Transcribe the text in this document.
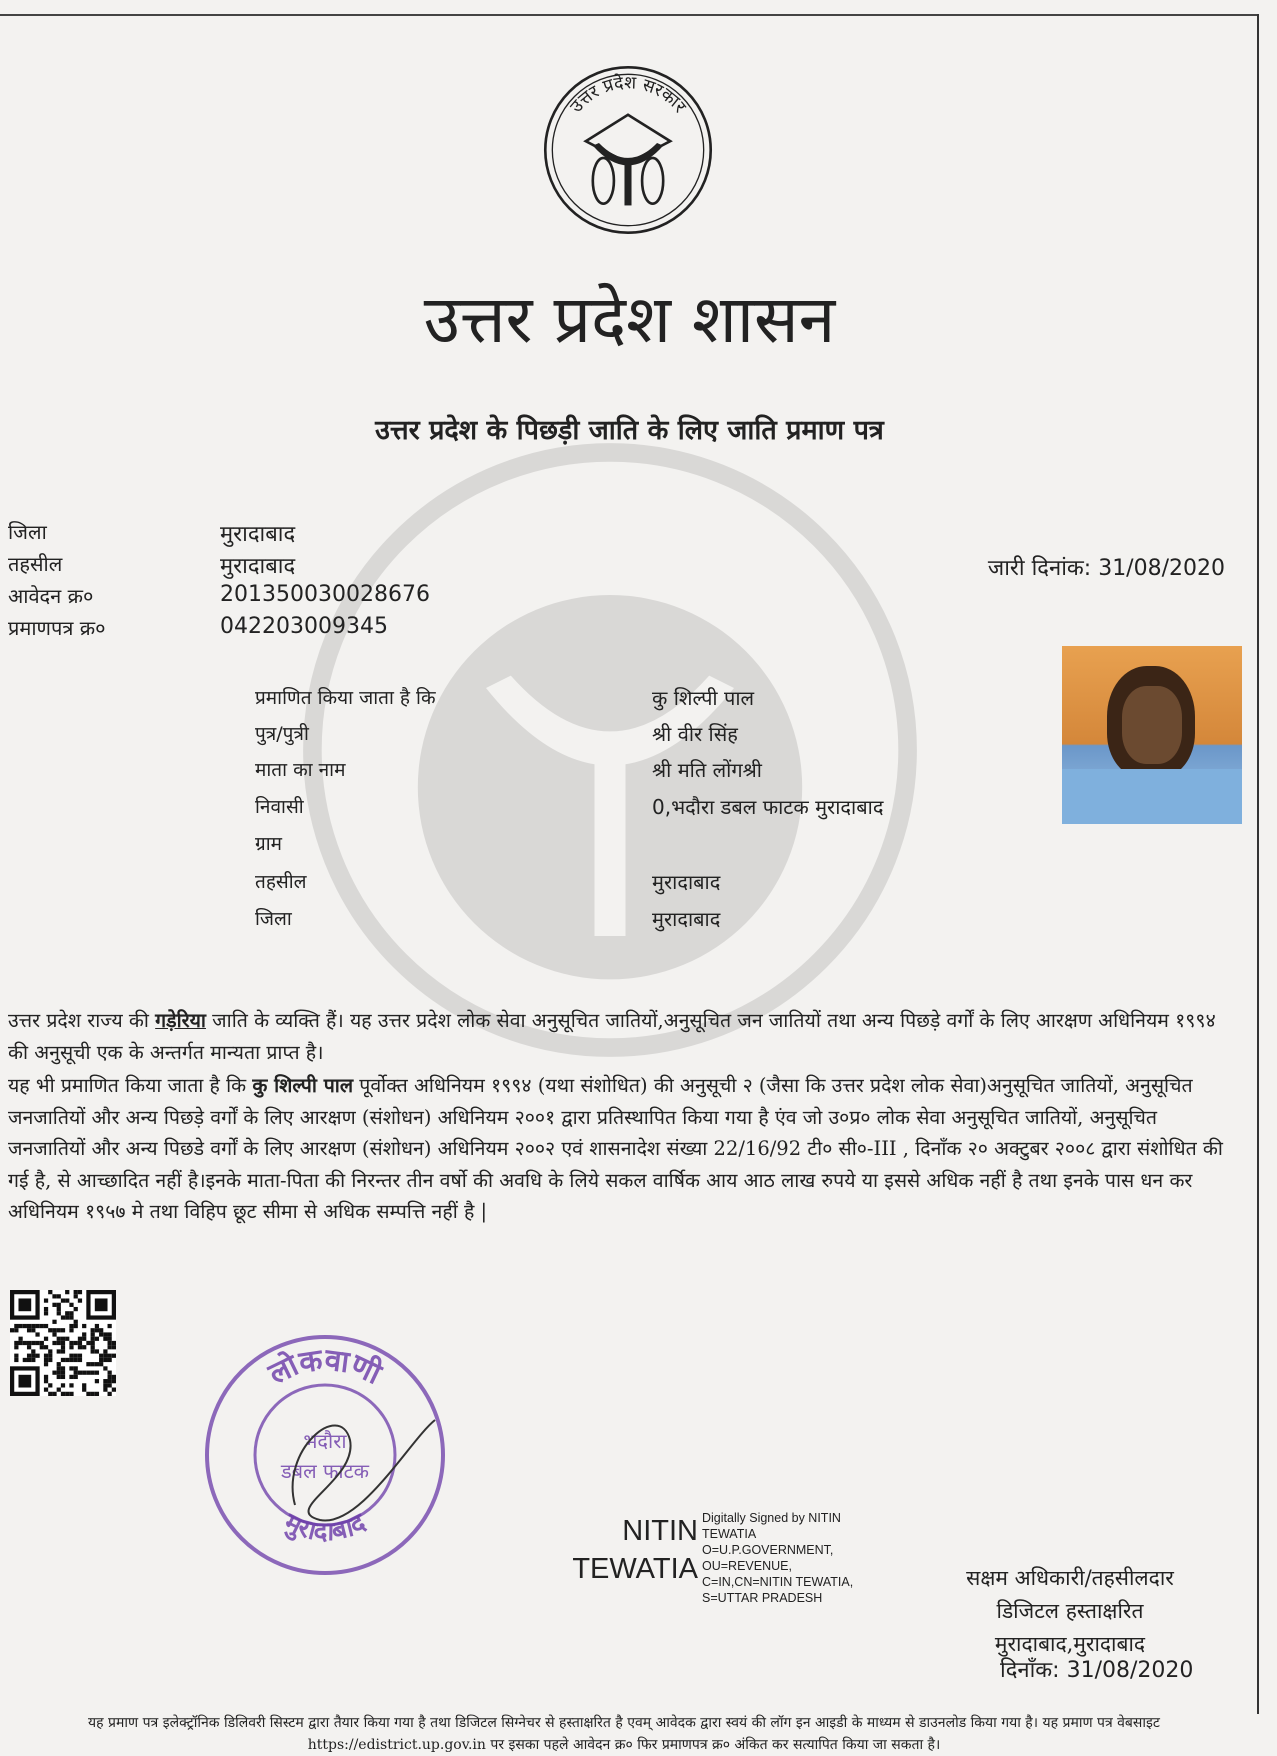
उत्तर प्रदेश सरकार
उत्तर प्रदेश शासन
उत्तर प्रदेश के पिछड़ी जाति के लिए जाति प्रमाण पत्र
जिला	मुरादाबाद
तहसील	मुरादाबाद
आवेदन क्र०	201350030028676
प्रमाणपत्र क्र०	042203009345
जारी दिनांक: 31/08/2020
प्रमाणित किया जाता है कि	कु शिल्पी पाल
पुत्र/पुत्री	श्री वीर सिंह
माता का नाम	श्री मति लोंगश्री
निवासी	0,भदौरा डबल फाटक मुरादाबाद
ग्राम
तहसील	मुरादाबाद
जिला	मुरादाबाद
उत्तर प्रदेश राज्य की गड़ेरिया जाति के व्यक्ति हैं। यह उत्तर प्रदेश लोक सेवा अनुसूचित जातियों,अनुसूचित जन जातियों तथा अन्य पिछड़े वर्गों के लिए आरक्षण अधिनियम १९९४ की अनुसूची एक के अन्तर्गत मान्यता प्राप्त है।
यह भी प्रमाणित किया जाता है कि कु शिल्पी पाल पूर्वोक्त अधिनियम १९९४ (यथा संशोधित) की अनुसूची २ (जैसा कि उत्तर प्रदेश लोक सेवा)अनुसूचित जातियों, अनुसूचित जनजातियों और अन्य पिछड़े वर्गों के लिए आरक्षण (संशोधन) अधिनियम २००१ द्वारा प्रतिस्थापित किया गया है एंव जो उ०प्र० लोक सेवा अनुसूचित जातियों, अनुसूचित जनजातियों और अन्य पिछडे वर्गों के लिए आरक्षण (संशोधन) अधिनियम २००२ एवं शासनादेश संख्या 22/16/92 टी० सी०-III , दिनाँक २० अक्टुबर २००८ द्वारा संशोधित की गई है, से आच्छादित नहीं है।इनके माता-पिता की निरन्तर तीन वर्षो की अवधि के लिये सकल वार्षिक आय आठ लाख रुपये या इससे अधिक नहीं है तथा इनके पास धन कर अधिनियम १९५७ मे तथा विहिप छूट सीमा से अधिक सम्पत्ति नहीं है |
लोकवाणी
मुरादाबाद
भदौरा
डबल फाटक
NITIN
TEWATIA
Digitally Signed by NITIN
TEWATIA
O=U.P.GOVERNMENT,
OU=REVENUE,
C=IN,CN=NITIN TEWATIA,
S=UTTAR PRADESH
सक्षम अधिकारी/तहसीलदार
डिजिटल हस्ताक्षरित
मुरादाबाद,मुरादाबाद
दिनाँक: 31/08/2020
यह प्रमाण पत्र इलेक्ट्रॉनिक डिलिवरी सिस्टम द्वारा तैयार किया गया है तथा डिजिटल सिग्नेचर से हस्ताक्षरित है एवम् आवेदक द्वारा स्वयं की लॉग इन आइडी के माध्यम से डाउनलोड किया गया है। यह प्रमाण पत्र वेबसाइट https://edistrict.up.gov.in पर इसका पहले आवेदन क्र० फिर प्रमाणपत्र क्र० अंकित कर सत्यापित किया जा सकता है।
